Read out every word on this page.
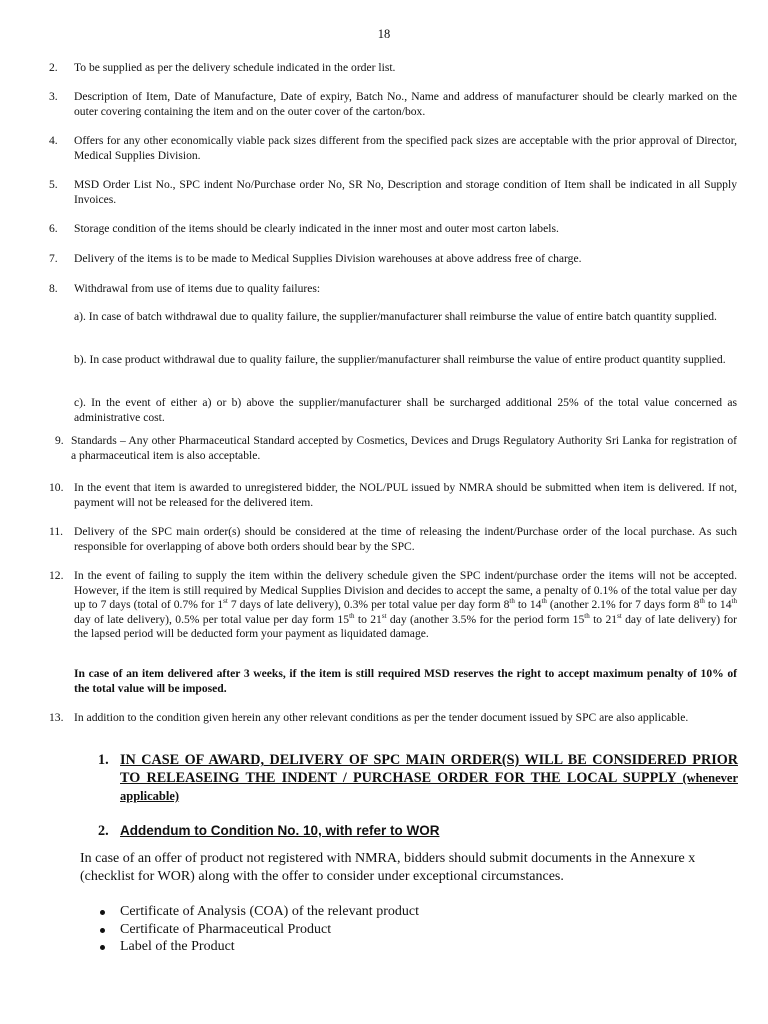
18
2. To be supplied as per the delivery schedule indicated in the order list.
3. Description of Item, Date of Manufacture, Date of expiry, Batch No., Name and address of manufacturer should be clearly marked on the outer covering containing the item and on the outer cover of the carton/box.
4. Offers for any other economically viable pack sizes different from the specified pack sizes are acceptable with the prior approval of Director, Medical Supplies Division.
5. MSD Order List No., SPC indent No/Purchase order No, SR No, Description and storage condition of Item shall be indicated in all Supply Invoices.
6. Storage condition of the items should be clearly indicated in the inner most and outer most carton labels.
7. Delivery of the items is to be made to Medical Supplies Division warehouses at above address free of charge.
8. Withdrawal from use of items due to quality failures:
a). In case of batch withdrawal due to quality failure, the supplier/manufacturer shall reimburse the value of entire batch quantity supplied.
b). In case product withdrawal due to quality failure, the supplier/manufacturer shall reimburse the value of entire product quantity supplied.
c). In the event of either a) or b) above the supplier/manufacturer shall be surcharged additional 25% of the total value concerned as administrative cost.
9. Standards – Any other Pharmaceutical Standard accepted by Cosmetics, Devices and Drugs Regulatory Authority Sri Lanka for registration of a pharmaceutical item is also acceptable.
10. In the event that item is awarded to unregistered bidder, the NOL/PUL issued by NMRA should be submitted when item is delivered. If not, payment will not be released for the delivered item.
11. Delivery of the SPC main order(s) should be considered at the time of releasing the indent/Purchase order of the local purchase. As such responsible for overlapping of above both orders should bear by the SPC.
12. In the event of failing to supply the item within the delivery schedule given the SPC indent/purchase order the items will not be accepted. However, if the item is still required by Medical Supplies Division and decides to accept the same, a penalty of 0.1% of the total value per day up to 7 days (total of 0.7% for 1st 7 days of late delivery), 0.3% per total value per day form 8th to 14th (another 2.1% for 7 days form 8th to 14th day of late delivery), 0.5% per total value per day form 15th to 21st day (another 3.5% for the period form 15th to 21st day of late delivery) for the lapsed period will be deducted form your payment as liquidated damage.
In case of an item delivered after 3 weeks, if the item is still required MSD reserves the right to accept maximum penalty of 10% of the total value will be imposed.
13. In addition to the condition given herein any other relevant conditions as per the tender document issued by SPC are also applicable.
1. IN CASE OF AWARD, DELIVERY OF SPC MAIN ORDER(S) WILL BE CONSIDERED PRIOR TO RELEASEING THE INDENT / PURCHASE ORDER FOR THE LOCAL SUPPLY (whenever applicable)
2. Addendum to Condition No. 10, with refer to WOR
In case of an offer of product not registered with NMRA, bidders should submit documents in the Annexure x (checklist for WOR) along with the offer to consider under exceptional circumstances.
Certificate of Analysis (COA) of the relevant product
Certificate of Pharmaceutical Product
Label of the Product
